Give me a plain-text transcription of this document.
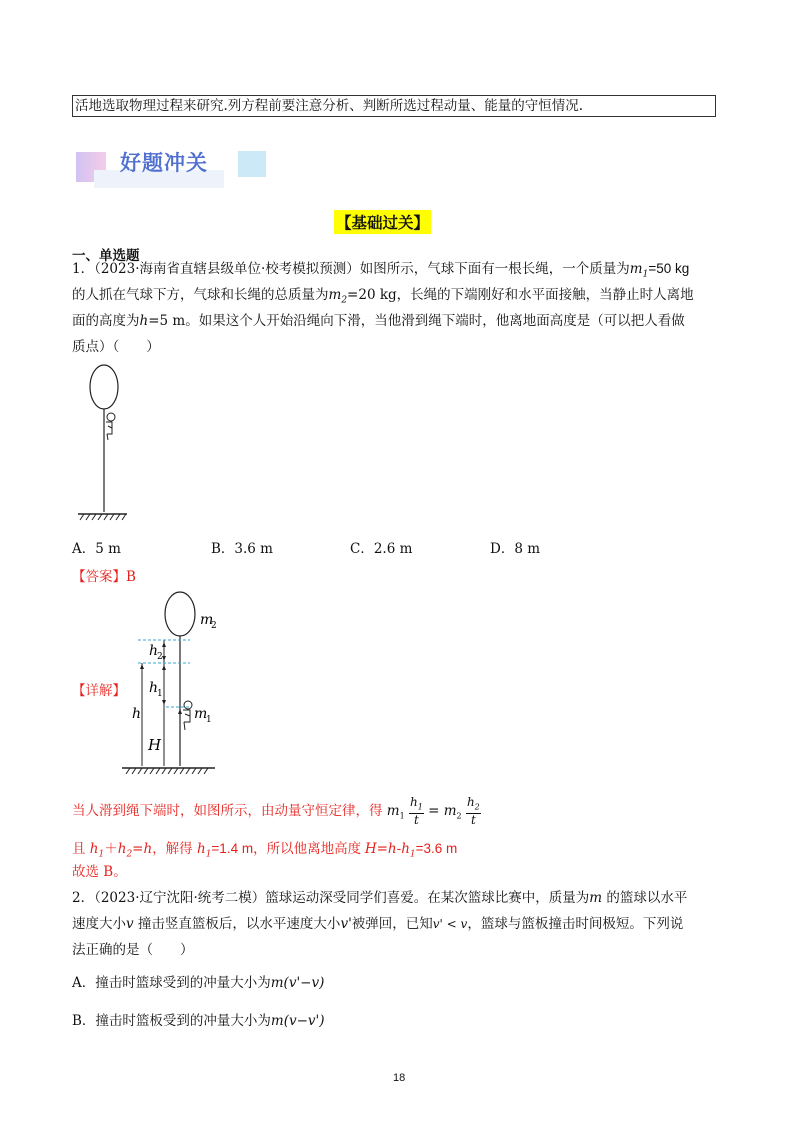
活地选取物理过程来研究.列方程前要注意分析、判断所选过程动量、能量的守恒情况.
好题冲关
【基础过关】
一、单选题
1．（2023·海南省直辖县级单位·校考模拟预测）如图所示，气球下面有一根长绳，一个质量为$m_1=50$ kg
的人抓在气球下方，气球和长绳的总质量为$m_2=20$ kg，长绳的下端刚好和水平面接触，当静止时人离地
面的高度为h=5 m。如果这个人开始沿绳向下滑，当他滑到绳下端时，他离地面高度是（可以把人看做
质点）（　　）
A．5 m	B．3.6 m	C．2.6 m	D．8 m
【答案】B
m
2
h
2
h
1
h	m
1
H
【详解】
当人滑到绳下端时，如图所示，由动量守恒定律，得 $m_1 \frac{h_1}{t} = m_2 \frac{h_2}{t}$
且 $h_1+h_2=h$，解得 $h_1=1.4$ m，所以他离地高度 $H=h-h_1=3.6$ m
故选 B。
2．（2023·辽宁沈阳·统考二模）篮球运动深受同学们喜爱。在某次篮球比赛中，质量为m 的篮球以水平
速度大小v 撞击竖直篮板后，以水平速度大小v'被弹回，已知v' < v，篮球与篮板撞击时间极短。下列说
法正确的是（　　）
A．撞击时篮球受到的冲量大小为m(v'−v)
B．撞击时篮板受到的冲量大小为m(v−v')
18
